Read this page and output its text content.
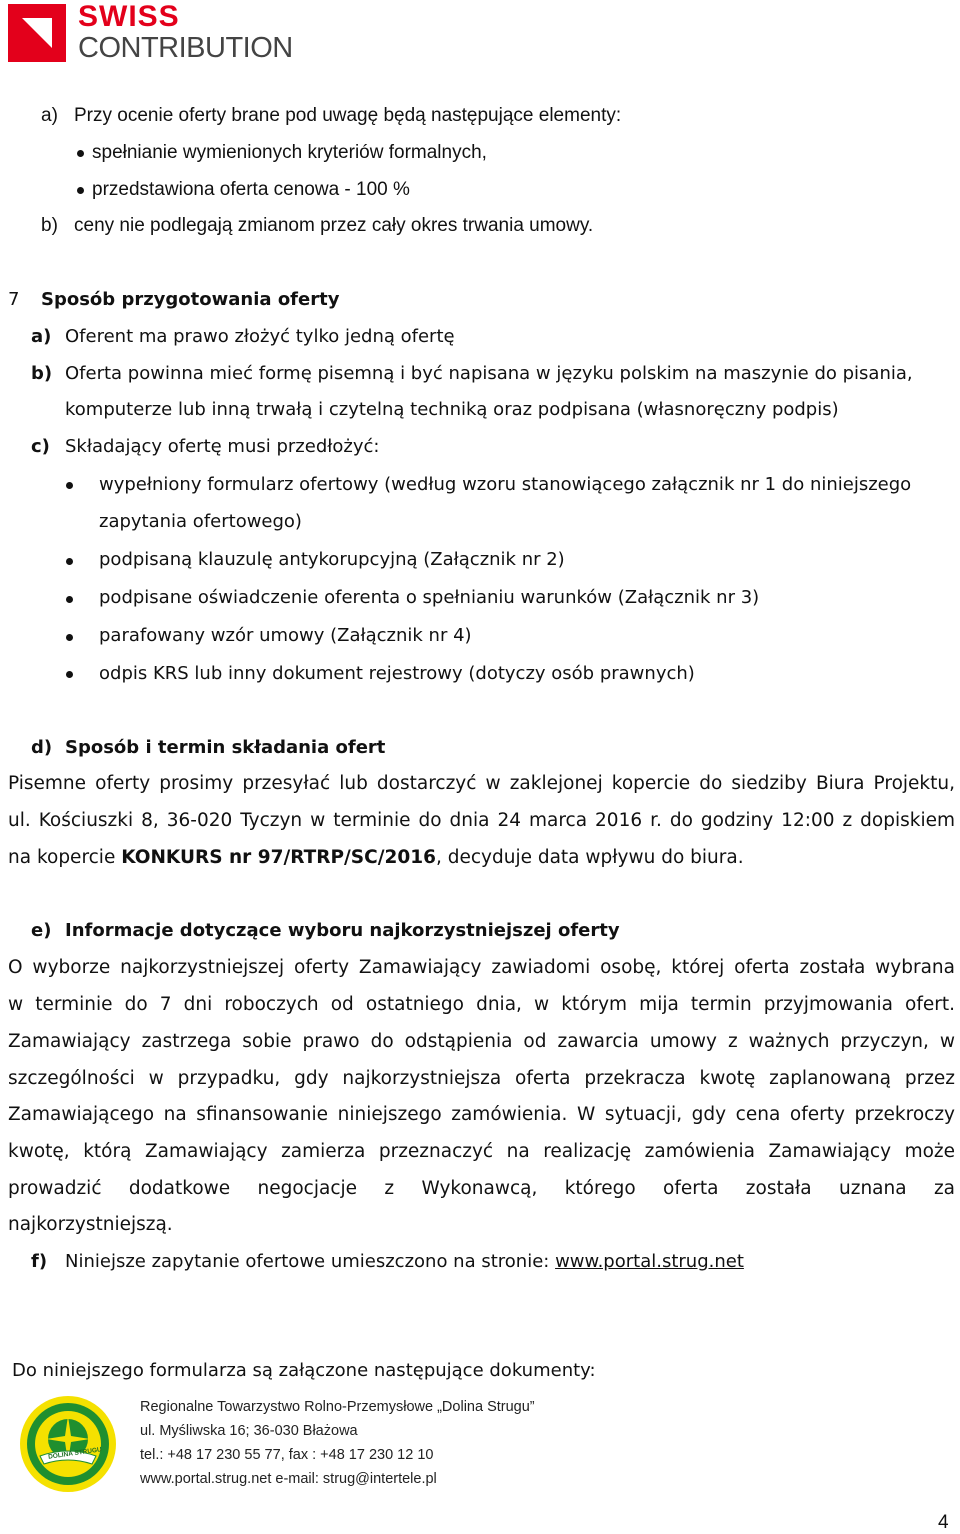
SWISS
CONTRIBUTION
a) Przy ocenie oferty brane pod uwagę będą następujące elementy:
spełnianie wymienionych kryteriów formalnych,
przedstawiona oferta cenowa - 100 %
b) ceny nie podlegają zmianom przez cały okres trwania umowy.
7 Sposób przygotowania oferty
a) Oferent ma prawo złożyć tylko jedną ofertę
b) Oferta powinna mieć formę pisemną i być napisana w języku polskim na maszynie do pisania,
komputerze lub inną trwałą i czytelną techniką oraz podpisana (własnoręczny podpis)
c) Składający ofertę musi przedłożyć:
wypełniony formularz ofertowy (według wzoru stanowiącego załącznik nr 1 do niniejszego
zapytania ofertowego)
podpisaną klauzulę antykorupcyjną (Załącznik nr 2)
podpisane oświadczenie oferenta o spełnianiu warunków (Załącznik nr 3)
parafowany wzór umowy (Załącznik nr 4)
odpis KRS lub inny dokument rejestrowy (dotyczy osób prawnych)
d) Sposób i termin składania ofert
Pisemne oferty prosimy przesyłać lub dostarczyć w zaklejonej kopercie do siedziby Biura Projektu,
ul. Kościuszki 8, 36-020 Tyczyn w terminie do dnia 24 marca 2016 r. do godziny 12:00 z dopiskiem
na kopercie KONKURS nr 97/RTRP/SC/2016, decyduje data wpływu do biura.
e) Informacje dotyczące wyboru najkorzystniejszej oferty
O wyborze najkorzystniejszej oferty Zamawiający zawiadomi osobę, której oferta została wybrana
w terminie do 7 dni roboczych od ostatniego dnia, w którym mija termin przyjmowania ofert.
Zamawiający zastrzega sobie prawo do odstąpienia od zawarcia umowy z ważnych przyczyn, w
szczególności w przypadku, gdy najkorzystniejsza oferta przekracza kwotę zaplanowaną przez
Zamawiającego na sfinansowanie niniejszego zamówienia. W sytuacji, gdy cena oferty przekroczy
kwotę, którą Zamawiający zamierza przeznaczyć na realizację zamówienia Zamawiający może
prowadzić dodatkowe negocjacje z Wykonawcą, którego oferta została uznana za
najkorzystniejszą.
f) Niniejsze zapytanie ofertowe umieszczono na stronie: www.portal.strug.net
Do niniejszego formularza są załączone następujące dokumenty:
DOLINA STRUGU
Regionalne Towarzystwo Rolno-Przemysłowe „Dolina Strugu”
ul. Myśliwska 16; 36-030 Błażowa
tel.: +48 17 230 55 77, fax : +48 17 230 12 10
www.portal.strug.net e-mail: strug@intertele.pl
4
